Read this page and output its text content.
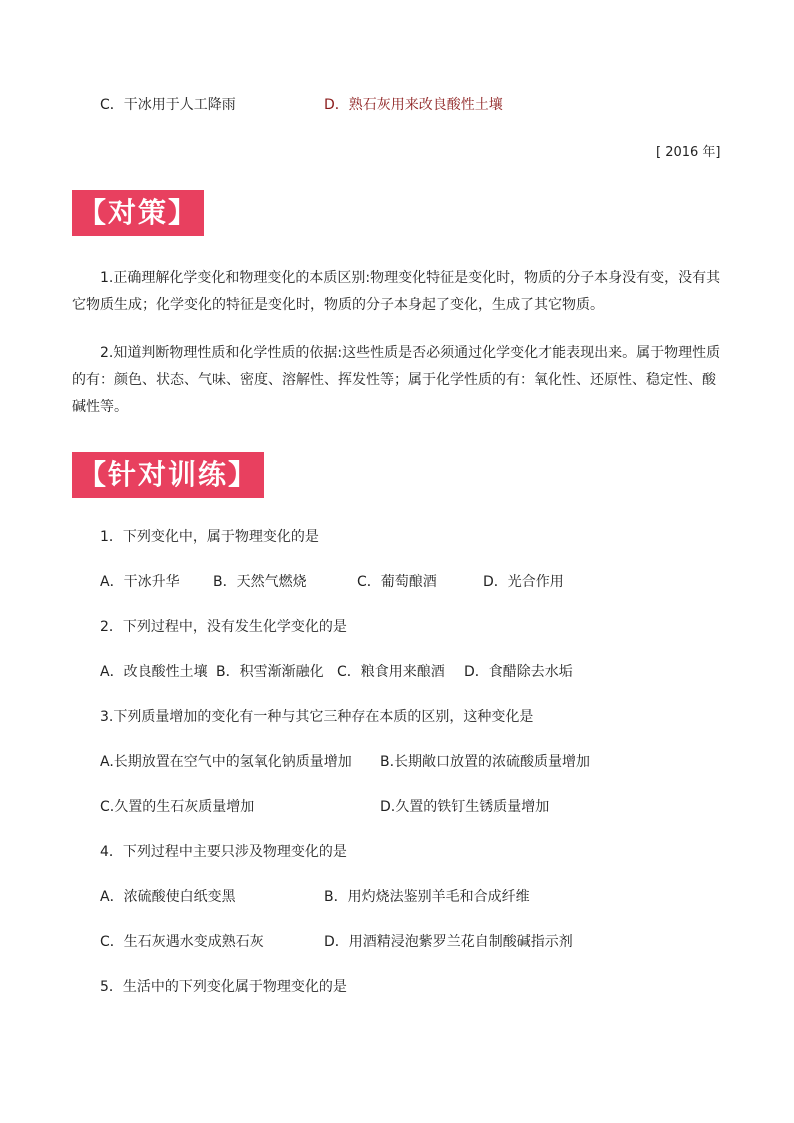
C．干冰用于人工降雨	D．熟石灰用来改良酸性土壤
[ 2016 年]
【对策】
1.正确理解化学变化和物理变化的本质区别:物理变化特征是变化时，物质的分子本身没有变，没有其它物质生成；化学变化的特征是变化时，物质的分子本身起了变化，生成了其它物质。
2.知道判断物理性质和化学性质的依据:这些性质是否必须通过化学变化才能表现出来。属于物理性质的有：颜色、状态、气味、密度、溶解性、挥发性等；属于化学性质的有：氧化性、还原性、稳定性、酸碱性等。
【针对训练】
1．下列变化中，属于物理变化的是
A．干冰升华 B．天然气燃烧	C．葡萄酿酒	D．光合作用
2．下列过程中，没有发生化学变化的是
A．改良酸性土壤 B．积雪渐渐融化 C．粮食用来酿酒 D．食醋除去水垢
3.下列质量增加的变化有一种与其它三种存在本质的区别，这种变化是
A.长期放置在空气中的氢氧化钠质量增加 B.长期敞口放置的浓硫酸质量增加
C.久置的生石灰质量增加	D.久置的铁钉生锈质量增加
4．下列过程中主要只涉及物理变化的是
A．浓硫酸使白纸变黑	B．用灼烧法鉴别羊毛和合成纤维
C．生石灰遇水变成熟石灰	D．用酒精浸泡紫罗兰花自制酸碱指示剂
5．生活中的下列变化属于物理变化的是
